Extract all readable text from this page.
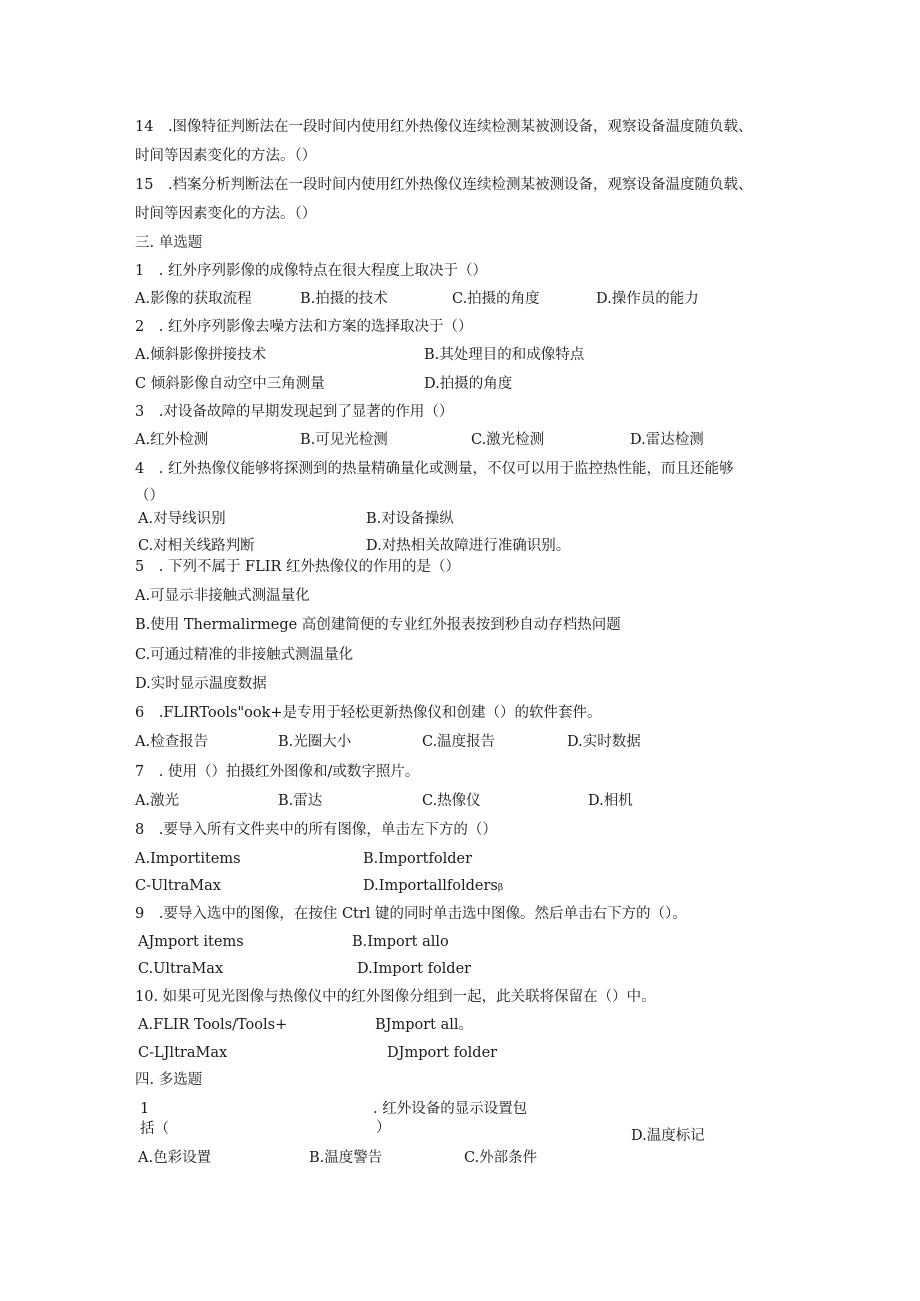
14　.图像特征判断法在一段时间内使用红外热像仪连续检测某被测设备，观察设备温度随负载、
时间等因素变化的方法。（）
15　.档案分析判断法在一段时间内使用红外热像仪连续检测某被测设备，观察设备温度随负载、
时间等因素变化的方法。（）
三. 单选题
1　. 红外序列影像的成像特点在很大程度上取决于（）
A.影像的获取流程	B.拍摄的技术	C.拍摄的角度	D.操作员的能力
2　. 红外序列影像去噪方法和方案的选择取决于（）
A.倾斜影像拼接技术	B.其处理目的和成像特点
C 倾斜影像自动空中三角测量	D.拍摄的角度
3　.对设备故障的早期发现起到了显著的作用（）
A.红外检测	B.可见光检测	C.激光检测	D.雷达检测
4　. 红外热像仪能够将探测到的热量精确量化或测量，不仅可以用于监控热性能，而且还能够
（）
A.对导线识别	B.对设备操纵
C.对相关线路判断	D.对热相关故障进行准确识别。
5　. 下列不属于 FLIR 红外热像仪的作用的是（）
A.可显示非接触式测温量化
B.使用 Thermalirmege 高创建简便的专业红外报表按到秒自动存档热问题
C.可通过精准的非接触式测温量化
D.实时显示温度数据
6　.FLIRTools"ook+是专用于轻松更新热像仪和创建（）的软件套件。
A.检查报告	B.光圈大小	C.温度报告	D.实时数据
7　. 使用（）拍摄红外图像和/或数字照片。
A.激光	B.雷达	C.热像仪	D.相机
8　.要导入所有文件夹中的所有图像，单击左下方的（）
A.Importitems	B.Importfolder
C-UltraMax	D.Importallfoldersᵦ
9　.要导入选中的图像，在按住 Ctrl 键的同时单击选中图像。然后单击右下方的（）。
AJmport items	B.Import allo
C.UltraMax	D.Import folder
10. 如果可见光图像与热像仪中的红外图像分组到一起，此关联将保留在（）中。
A.FLIR Tools∕Tools+	BJmport all。
C-LJltraMax	DJmport folder
四. 多选题
1	. 红外设备的显示设置包
括（	）	D.温度标记
A.色彩设置	B.温度警告	C.外部条件
